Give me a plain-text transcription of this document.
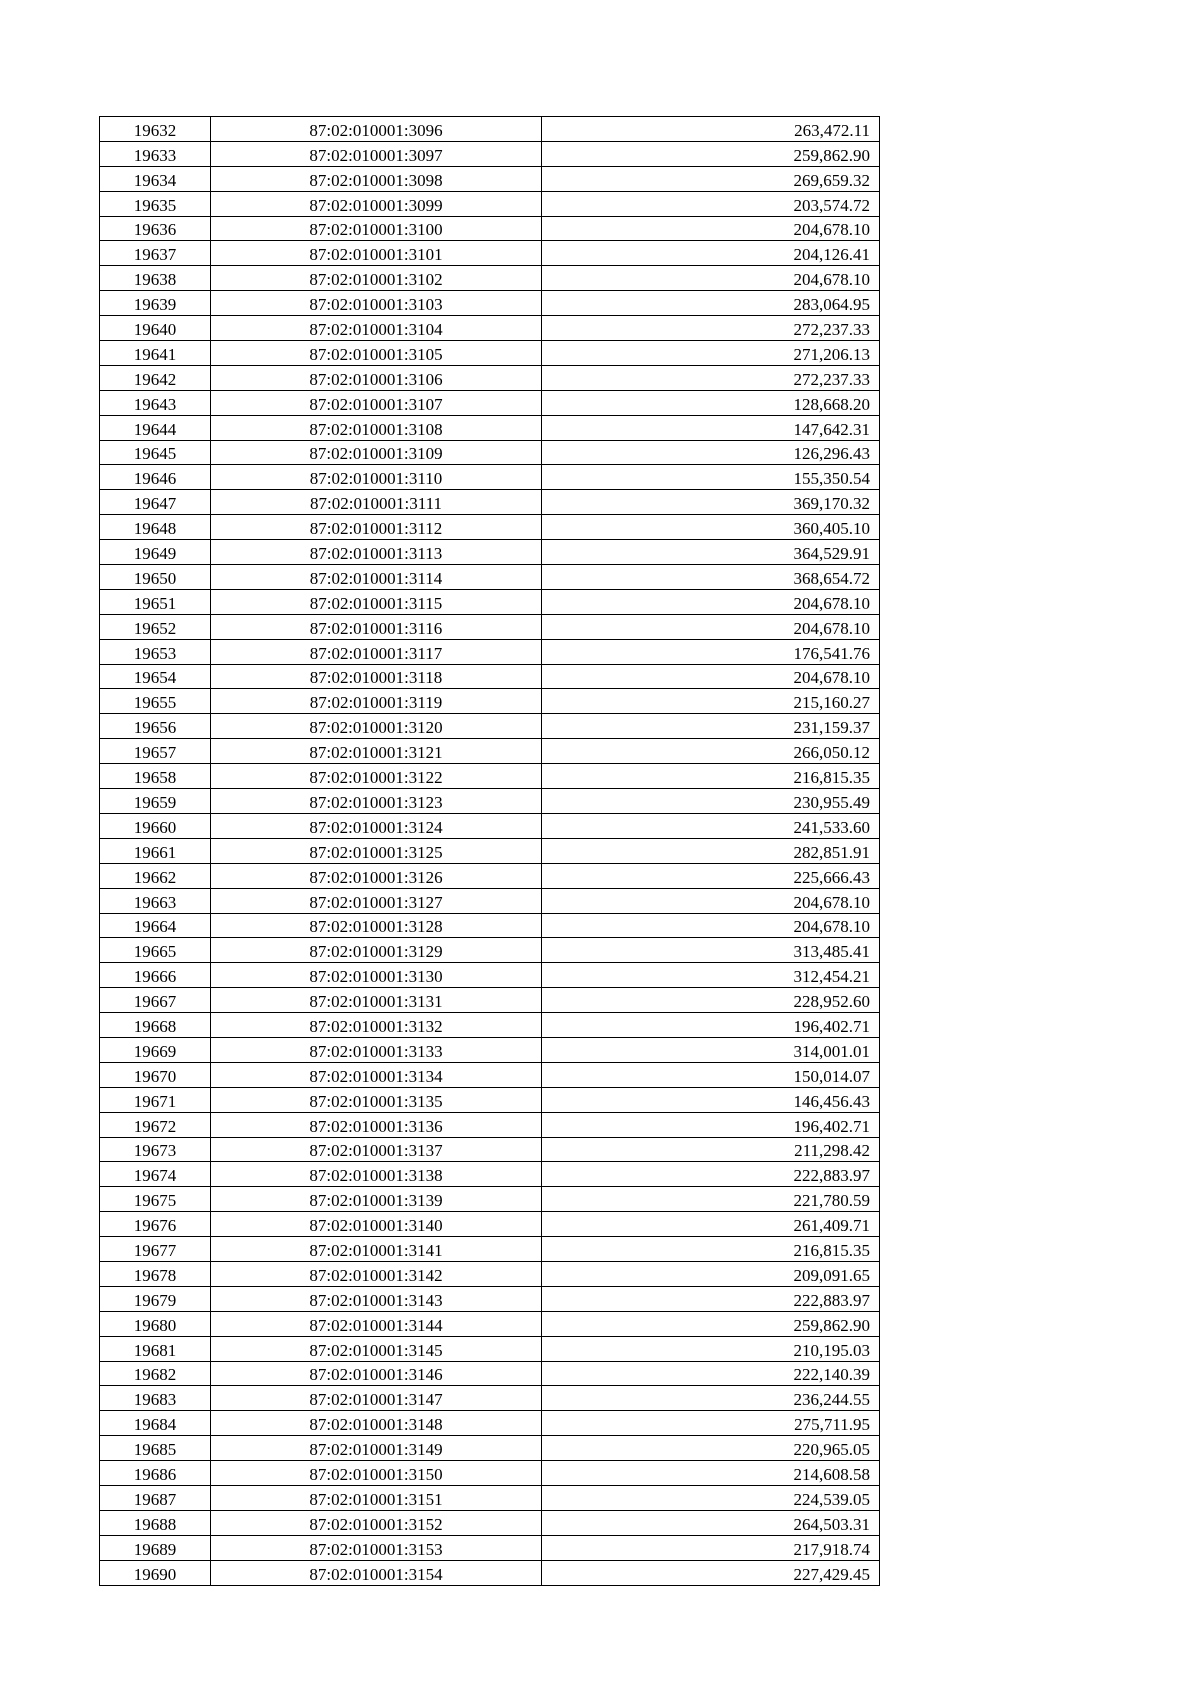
19632	87:02:010001:3096	263,472.11
19633	87:02:010001:3097	259,862.90
19634	87:02:010001:3098	269,659.32
19635	87:02:010001:3099	203,574.72
19636	87:02:010001:3100	204,678.10
19637	87:02:010001:3101	204,126.41
19638	87:02:010001:3102	204,678.10
19639	87:02:010001:3103	283,064.95
19640	87:02:010001:3104	272,237.33
19641	87:02:010001:3105	271,206.13
19642	87:02:010001:3106	272,237.33
19643	87:02:010001:3107	128,668.20
19644	87:02:010001:3108	147,642.31
19645	87:02:010001:3109	126,296.43
19646	87:02:010001:3110	155,350.54
19647	87:02:010001:3111	369,170.32
19648	87:02:010001:3112	360,405.10
19649	87:02:010001:3113	364,529.91
19650	87:02:010001:3114	368,654.72
19651	87:02:010001:3115	204,678.10
19652	87:02:010001:3116	204,678.10
19653	87:02:010001:3117	176,541.76
19654	87:02:010001:3118	204,678.10
19655	87:02:010001:3119	215,160.27
19656	87:02:010001:3120	231,159.37
19657	87:02:010001:3121	266,050.12
19658	87:02:010001:3122	216,815.35
19659	87:02:010001:3123	230,955.49
19660	87:02:010001:3124	241,533.60
19661	87:02:010001:3125	282,851.91
19662	87:02:010001:3126	225,666.43
19663	87:02:010001:3127	204,678.10
19664	87:02:010001:3128	204,678.10
19665	87:02:010001:3129	313,485.41
19666	87:02:010001:3130	312,454.21
19667	87:02:010001:3131	228,952.60
19668	87:02:010001:3132	196,402.71
19669	87:02:010001:3133	314,001.01
19670	87:02:010001:3134	150,014.07
19671	87:02:010001:3135	146,456.43
19672	87:02:010001:3136	196,402.71
19673	87:02:010001:3137	211,298.42
19674	87:02:010001:3138	222,883.97
19675	87:02:010001:3139	221,780.59
19676	87:02:010001:3140	261,409.71
19677	87:02:010001:3141	216,815.35
19678	87:02:010001:3142	209,091.65
19679	87:02:010001:3143	222,883.97
19680	87:02:010001:3144	259,862.90
19681	87:02:010001:3145	210,195.03
19682	87:02:010001:3146	222,140.39
19683	87:02:010001:3147	236,244.55
19684	87:02:010001:3148	275,711.95
19685	87:02:010001:3149	220,965.05
19686	87:02:010001:3150	214,608.58
19687	87:02:010001:3151	224,539.05
19688	87:02:010001:3152	264,503.31
19689	87:02:010001:3153	217,918.74
19690	87:02:010001:3154	227,429.45
